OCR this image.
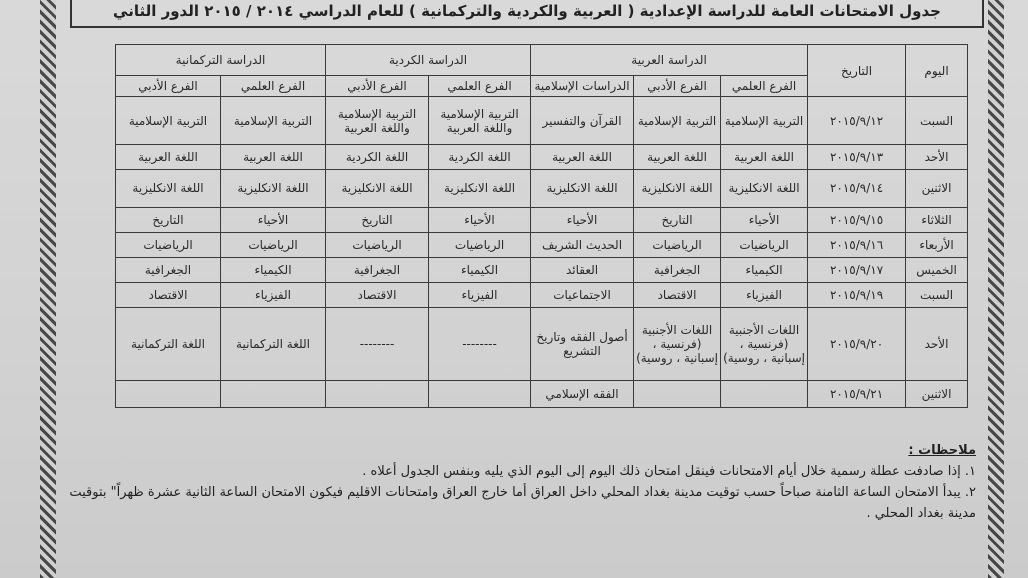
جدول الامتحانات العامة للدراسة الإعدادية ( العربية والكردية والتركمانية ) للعام الدراسي ٢٠١٤ / ٢٠١٥ الدور الثاني
اليوم	التاريخ	الدراسة العربية			الدراسة الكردية		الدراسة التركمانية	
		الفرع العلمي	الفرع الأدبي	الدراسات الإسلامية	الفرع العلمي	الفرع الأدبي	الفرع العلمي	الفرع الأدبي
السبت	٢٠١٥/٩/١٢	التربية الإسلامية	التربية الإسلامية	القرآن والتفسير	التربية الإسلامية واللغة العربية	التربية الإسلامية واللغة العربية	التربية الإسلامية	التربية الإسلامية
الأحد	٢٠١٥/٩/١٣	اللغة العربية	اللغة العربية	اللغة العربية	اللغة الكردية	اللغة الكردية	اللغة العربية	اللغة العربية
الاثنين	٢٠١٥/٩/١٤	اللغة الانكليزية	اللغة الانكليزية	اللغة الانكليزية	اللغة الانكليزية	اللغة الانكليزية	اللغة الانكليزية	اللغة الانكليزية
الثلاثاء	٢٠١٥/٩/١٥	الأحياء	التاريخ	الأحياء	الأحياء	التاريخ	الأحياء	التاريخ
الأربعاء	٢٠١٥/٩/١٦	الرياضيات	الرياضيات	الحديث الشريف	الرياضيات	الرياضيات	الرياضيات	الرياضيات
الخميس	٢٠١٥/٩/١٧	الكيمياء	الجغرافية	العقائد	الكيمياء	الجغرافية	الكيمياء	الجغرافية
السبت	٢٠١٥/٩/١٩	الفيزياء	الاقتصاد	الاجتماعيات	الفيزياء	الاقتصاد	الفيزياء	الاقتصاد
الأحد	٢٠١٥/٩/٢٠	اللغات الأجنبية (فرنسية ، إسبانية ، روسية)	اللغات الأجنبية (فرنسية ، إسبانية ، روسية)	أصول الفقه وتاريخ التشريع	--------	--------	اللغة التركمانية	اللغة التركمانية
الاثنين	٢٠١٥/٩/٢١			الفقه الإسلامي				
ملاحظات :
١. إذا صادفت عطلة رسمية خلال أيام الامتحانات فينقل امتحان ذلك اليوم إلى اليوم الذي يليه وبنفس الجدول أعلاه .
٢. يبدأ الامتحان الساعة الثامنة صباحاً حسب توقيت مدينة بغداد المحلي داخل العراق أما خارج العراق وامتحانات الاقليم فيكون الامتحان الساعة الثانية عشرة ظهراً" بتوقيت مدينة بغداد المحلي .
